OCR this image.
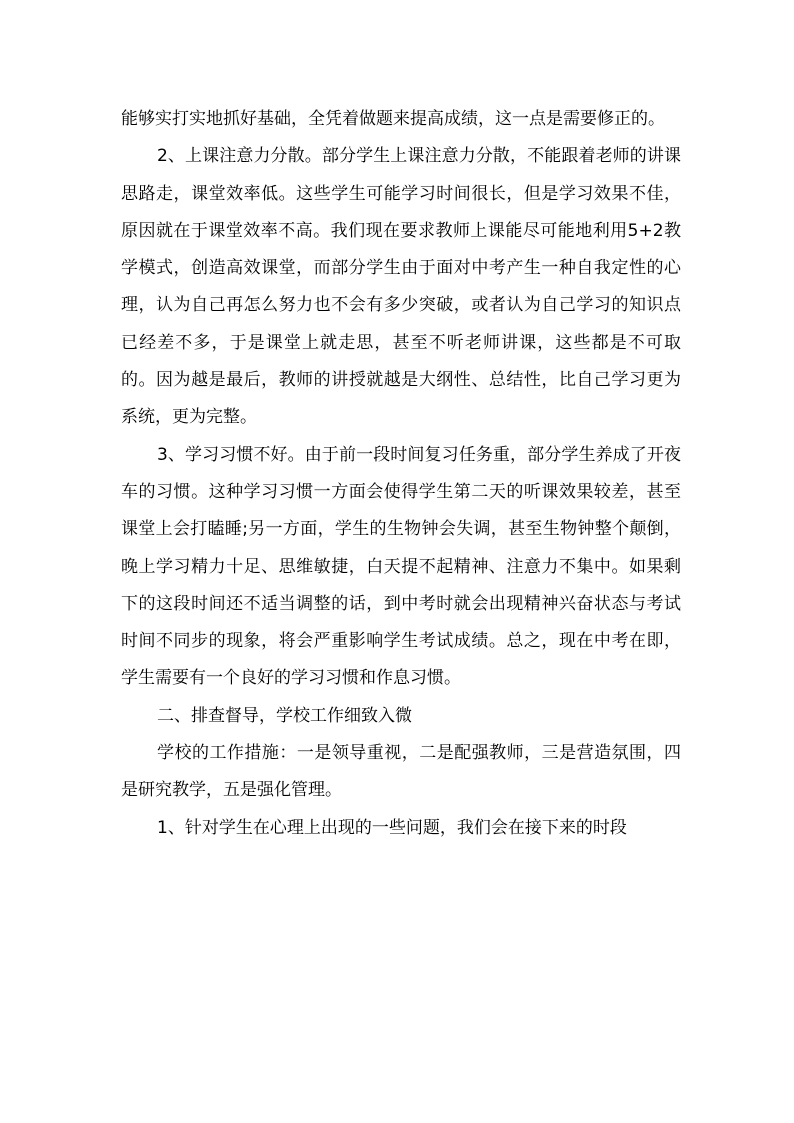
能够实打实地抓好基础，全凭着做题来提高成绩，这一点是需要修正的。

2、上课注意力分散。部分学生上课注意力分散，不能跟着老师的讲课思路走，课堂效率低。这些学生可能学习时间很长，但是学习效果不佳，原因就在于课堂效率不高。我们现在要求教师上课能尽可能地利用5+2教学模式，创造高效课堂，而部分学生由于面对中考产生一种自我定性的心理，认为自己再怎么努力也不会有多少突破，或者认为自己学习的知识点已经差不多，于是课堂上就走思，甚至不听老师讲课，这些都是不可取的。因为越是最后，教师的讲授就越是大纲性、总结性，比自己学习更为系统，更为完整。

3、学习习惯不好。由于前一段时间复习任务重，部分学生养成了开夜车的习惯。这种学习习惯一方面会使得学生第二天的听课效果较差，甚至课堂上会打瞌睡;另一方面，学生的生物钟会失调，甚至生物钟整个颠倒，晚上学习精力十足、思维敏捷，白天提不起精神、注意力不集中。如果剩下的这段时间还不适当调整的话，到中考时就会出现精神兴奋状态与考试时间不同步的现象，将会严重影响学生考试成绩。总之，现在中考在即，学生需要有一个良好的学习习惯和作息习惯。

二、排查督导，学校工作细致入微

学校的工作措施：一是领导重视，二是配强教师，三是营造氛围，四是研究教学，五是强化管理。

1、针对学生在心理上出现的一些问题，我们会在接下来的时段
